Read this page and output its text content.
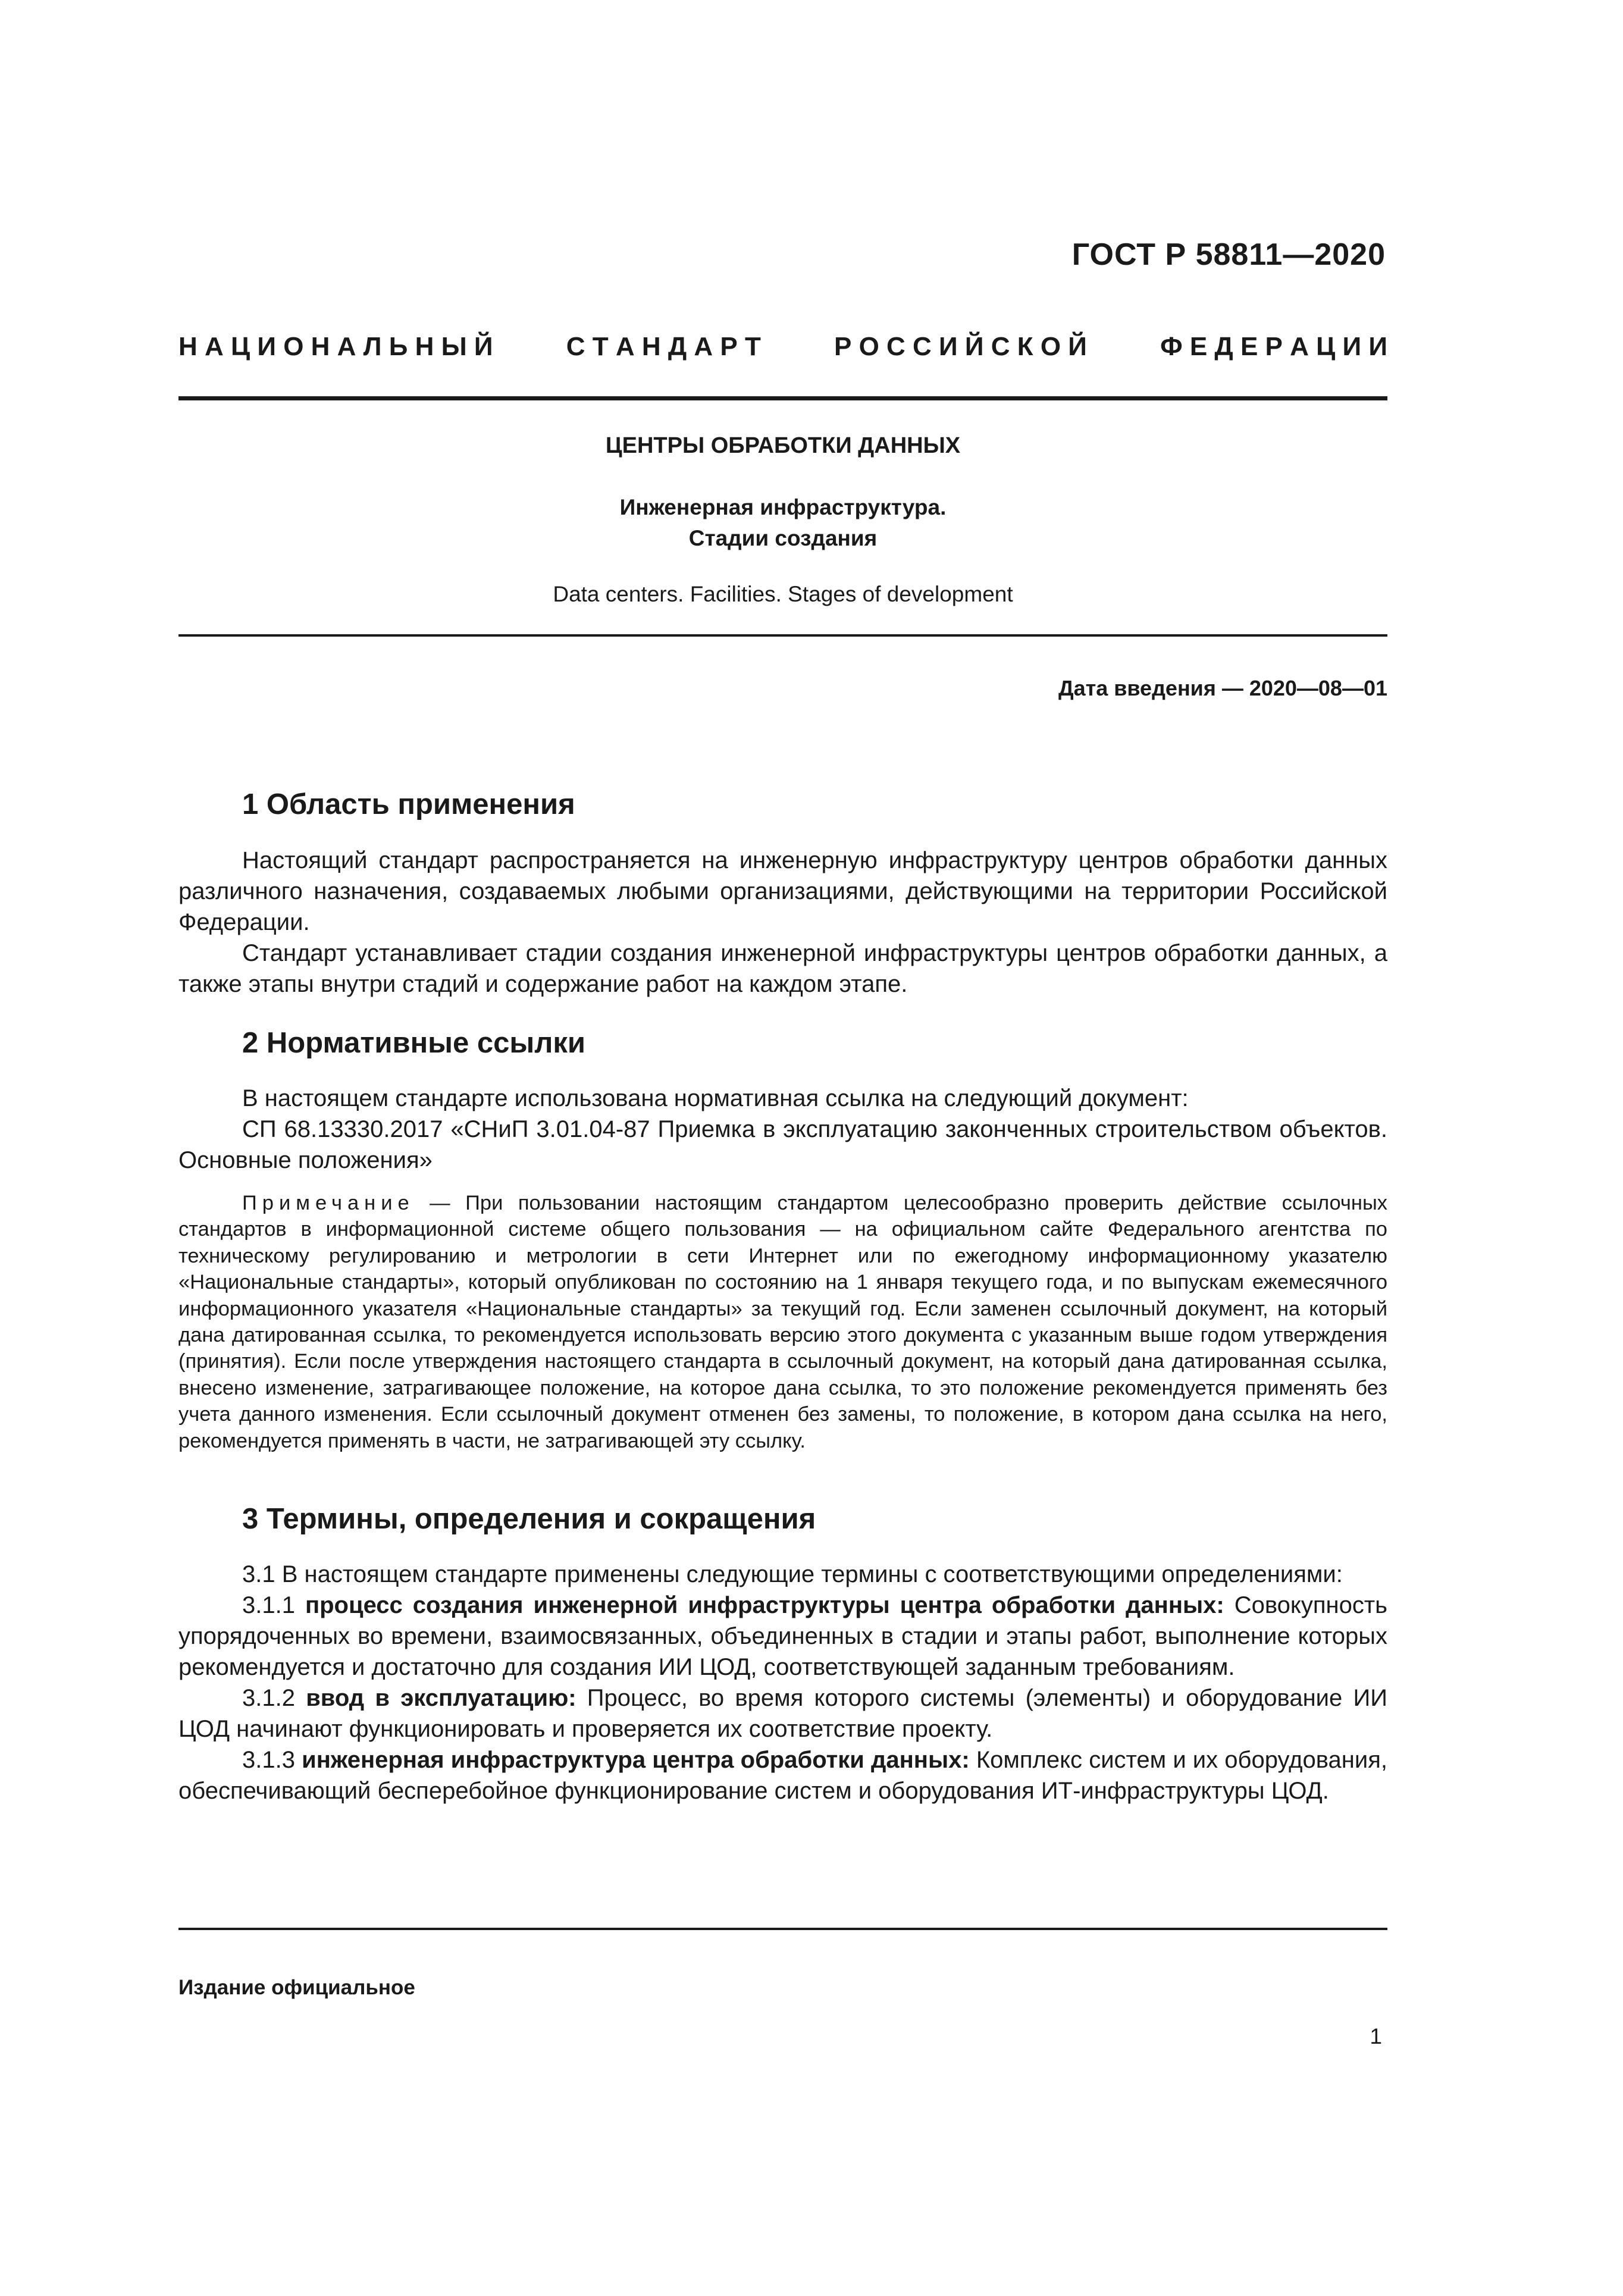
ГОСТ Р 58811—2020
Н А Ц И О Н А Л Ь Н Ы Й	С Т А Н Д А Р Т	Р О С С И Й С К О Й	Ф Е Д Е Р А Ц И И
ЦЕНТРЫ ОБРАБОТКИ ДАННЫХ
Инженерная инфраструктура.
Стадии создания
Data centers. Facilities. Stages of development
Дата введения — 2020—08—01
1 Область применения

Настоящий стандарт распространяется на инженерную инфраструктуру центров обработки данных различного назначения, создаваемых любыми организациями, действующими на территории Российской Федерации.

Стандарт устанавливает стадии создания инженерной инфраструктуры центров обработки данных, а также этапы внутри стадий и содержание работ на каждом этапе.

2 Нормативные ссылки

В настоящем стандарте использована нормативная ссылка на следующий документ:

СП 68.13330.2017 «СНиП 3.01.04-87 Приемка в эксплуатацию законченных строительством объектов. Основные положения»

Примечание — При пользовании настоящим стандартом целесообразно проверить действие ссылочных стандартов в информационной системе общего пользования — на официальном сайте Федерального агентства по техническому регулированию и метрологии в сети Интернет или по ежегодному информационному указателю «Национальные стандарты», который опубликован по состоянию на 1 января текущего года, и по выпускам ежемесячного информационного указателя «Национальные стандарты» за текущий год. Если заменен ссылочный документ, на который дана датированная ссылка, то рекомендуется использовать версию этого документа с указанным выше годом утверждения (принятия). Если после утверждения настоящего стандарта в ссылочный документ, на который дана датированная ссылка, внесено изменение, затрагивающее положение, на которое дана ссылка, то это положение рекомендуется применять без учета данного изменения. Если ссылочный документ отменен без замены, то положение, в котором дана ссылка на него, рекомендуется применять в части, не затрагивающей эту ссылку.

3 Термины, определения и сокращения

3.1 В настоящем стандарте применены следующие термины с соответствующими определениями:

3.1.1 процесс создания инженерной инфраструктуры центра обработки данных: Совокупность упорядоченных во времени, взаимосвязанных, объединенных в стадии и этапы работ, выполнение которых рекомендуется и достаточно для создания ИИ ЦОД, соответствующей заданным требованиям.

3.1.2 ввод в эксплуатацию: Процесс, во время которого системы (элементы) и оборудование ИИ ЦОД начинают функционировать и проверяется их соответствие проекту.

3.1.3 инженерная инфраструктура центра обработки данных: Комплекс систем и их оборудования, обеспечивающий бесперебойное функционирование систем и оборудования ИТ-инфраструктуры ЦОД.

Издание официальное
1
